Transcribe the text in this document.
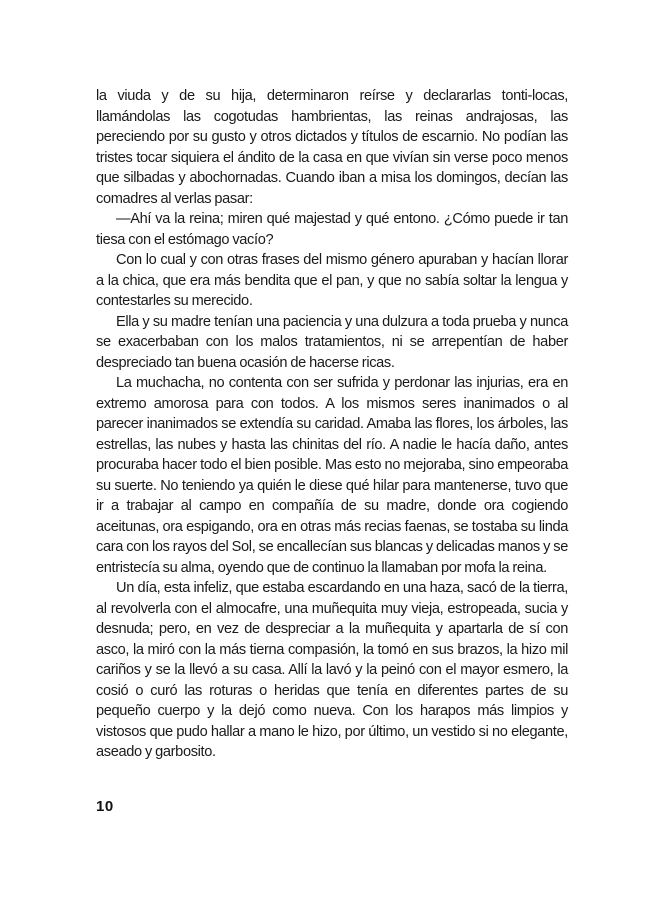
la viuda y de su hija, determinaron reírse y declararlas tonti-locas, llamándolas las cogotudas hambrientas, las reinas andrajosas, las pereciendo por su gusto y otros dictados y títulos de escarnio. No podían las tristes tocar siquiera el ándito de la casa en que vivían sin verse poco menos que silbadas y abochornadas. Cuando iban a misa los domingos, decían las comadres al verlas pasar:

—Ahí va la reina; miren qué majestad y qué entono. ¿Cómo puede ir tan tiesa con el estómago vacío?

Con lo cual y con otras frases del mismo género apuraban y hacían llorar a la chica, que era más bendita que el pan, y que no sabía soltar la lengua y contestarles su merecido.

Ella y su madre tenían una paciencia y una dulzura a toda prueba y nunca se exacerbaban con los malos tratamientos, ni se arrepentían de haber despreciado tan buena ocasión de hacerse ricas.

La muchacha, no contenta con ser sufrida y perdonar las injurias, era en extremo amorosa para con todos. A los mismos seres inanimados o al parecer inanimados se extendía su caridad. Amaba las flores, los árboles, las estrellas, las nubes y hasta las chinitas del río. A nadie le hacía daño, antes procuraba hacer todo el bien posible. Mas esto no mejoraba, sino empeoraba su suerte. No teniendo ya quién le diese qué hilar para mantenerse, tuvo que ir a trabajar al campo en compañía de su madre, donde ora cogiendo aceitunas, ora espigando, ora en otras más recias faenas, se tostaba su linda cara con los rayos del Sol, se encallecían sus blancas y delicadas manos y se entristecía su alma, oyendo que de continuo la llamaban por mofa la reina.

Un día, esta infeliz, que estaba escardando en una haza, sacó de la tierra, al revolverla con el almocafre, una muñequita muy vieja, estropeada, sucia y desnuda; pero, en vez de despreciar a la muñequita y apartarla de sí con asco, la miró con la más tierna compasión, la tomó en sus brazos, la hizo mil cariños y se la llevó a su casa. Allí la lavó y la peinó con el mayor esmero, la cosió o curó las roturas o heridas que tenía en diferentes partes de su pequeño cuerpo y la dejó como nueva. Con los harapos más limpios y vistosos que pudo hallar a mano le hizo, por último, un vestido si no elegante, aseado y garbosito.

10
